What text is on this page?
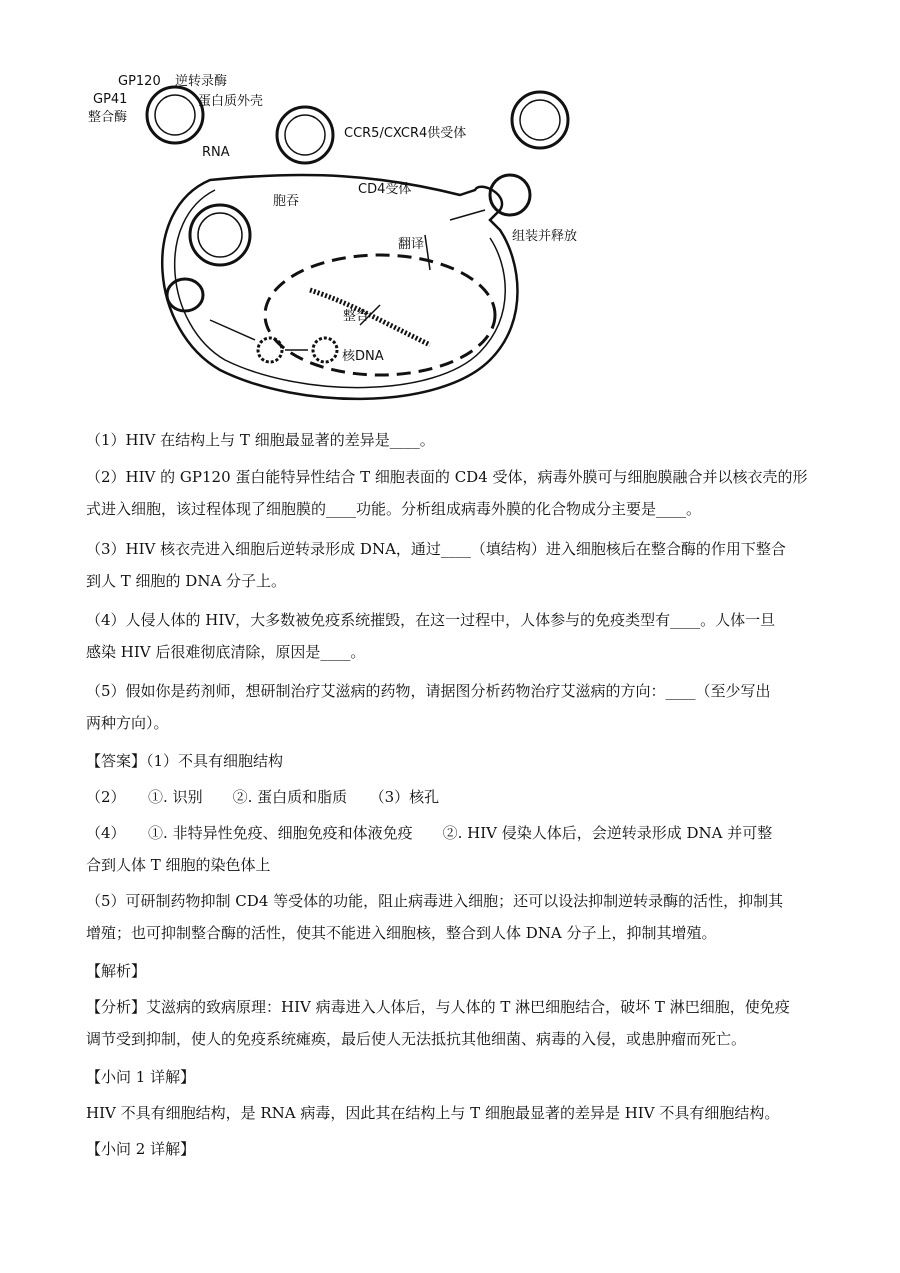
GP120 逆转录酶
GP41	蛋白质外壳
整合酶
RNA
CCR5/CXCR4供受体
CD4受体
胞吞
翻译
组装并释放
整合
核DNA
（1）HIV 在结构上与 T 细胞最显著的差异是____。
（2）HIV 的 GP120 蛋白能特异性结合 T 细胞表面的 CD4 受体，病毒外膜可与细胞膜融合并以核衣壳的形
式进入细胞，该过程体现了细胞膜的____功能。分析组成病毒外膜的化合物成分主要是____。
（3）HIV 核衣壳进入细胞后逆转录形成 DNA，通过____（填结构）进入细胞核后在整合酶的作用下整合
到人 T 细胞的 DNA 分子上。
（4）人侵人体的 HIV，大多数被免疫系统摧毁，在这一过程中，人体参与的免疫类型有____。人体一旦
感染 HIV 后很难彻底清除，原因是____。
（5）假如你是药剂师，想研制治疗艾滋病的药物，请据图分析药物治疗艾滋病的方向：____（至少写出
两种方向）。
【答案】（1）不具有细胞结构
（2）　　①. 识别　　②. 蛋白质和脂质　　（3）核孔
（4）　　①. 非特异性免疫、细胞免疫和体液免疫　　②. HIV 侵染人体后，会逆转录形成 DNA 并可整
合到人体 T 细胞的染色体上
（5）可研制药物抑制 CD4 等受体的功能，阻止病毒进入细胞；还可以设法抑制逆转录酶的活性，抑制其
增殖；也可抑制整合酶的活性，使其不能进入细胞核，整合到人体 DNA 分子上，抑制其增殖。
【解析】
【分析】艾滋病的致病原理：HIV 病毒进入人体后，与人体的 T 淋巴细胞结合，破坏 T 淋巴细胞，使免疫
调节受到抑制，使人的免疫系统瘫痪，最后使人无法抵抗其他细菌、病毒的入侵，或患肿瘤而死亡。
【小问 1 详解】
HIV 不具有细胞结构，是 RNA 病毒，因此其在结构上与 T 细胞最显著的差异是 HIV 不具有细胞结构。
【小问 2 详解】
